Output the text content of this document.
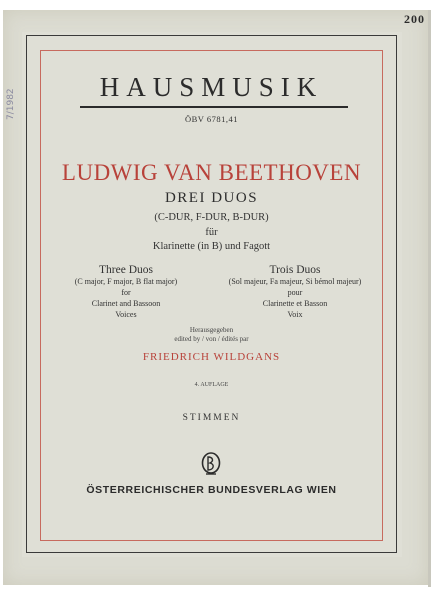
200
7/1982
HAUSMUSIK
ÖBV 6781,41
LUDWIG VAN BEETHOVEN
DREI DUOS
(C-DUR, F-DUR, B-DUR)
für
Klarinette (in B) und Fagott
Three Duos
(C major, F major, B flat major)
for
Clarinet and Bassoon
Voices
Trois Duos
(Sol majeur, Fa majeur, Si bémol majeur)
pour
Clarinette et Basson
Voix
Herausgegeben
edited by / von / édités par
FRIEDRICH WILDGANS
4. AUFLAGE
STIMMEN
ÖSTERREICHISCHER BUNDESVERLAG WIEN
